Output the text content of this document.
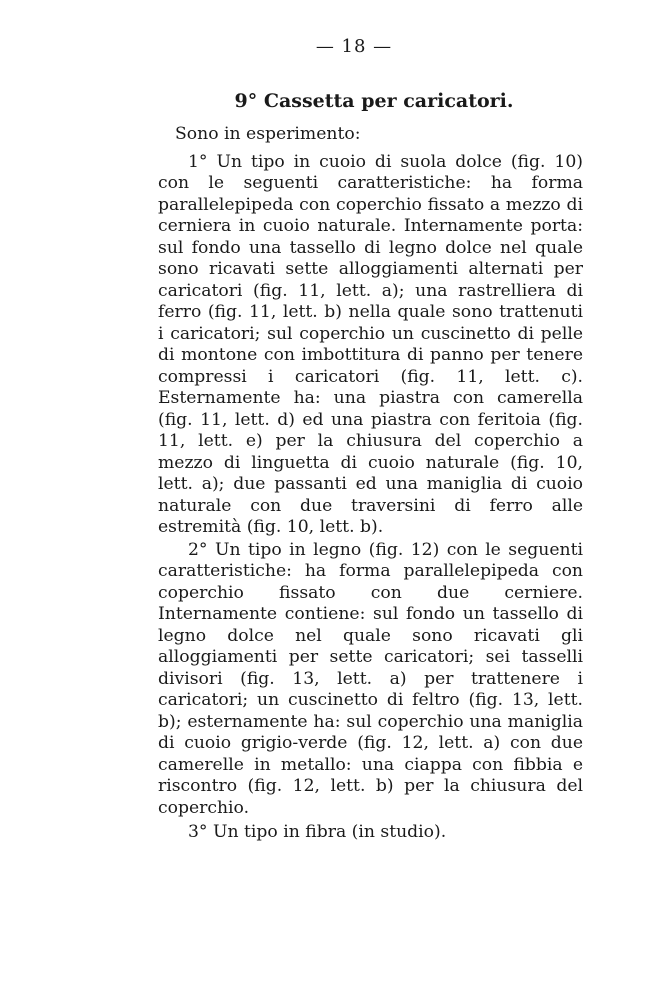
— 18 —
9° Cassetta per caricatori.

Sono in esperimento:

1° Un tipo in cuoio di suola dolce (fig. 10) con le seguenti caratteristiche: ha forma parallelepipeda con coperchio fissato a mezzo di cerniera in cuoio naturale. Internamente porta: sul fondo una tassello di legno dolce nel quale sono ricavati sette alloggiamenti alternati per caricatori (fig. 11, lett. a); una rastrelliera di ferro (fig. 11, lett. b) nella quale sono trattenuti i caricatori; sul coperchio un cuscinetto di pelle di montone con imbottitura di panno per tenere compressi i caricatori (fig. 11, lett. c). Esternamente ha: una piastra con camerella (fig. 11, lett. d) ed una piastra con feritoia (fig. 11, lett. e) per la chiusura del coperchio a mezzo di linguetta di cuoio naturale (fig. 10, lett. a); due passanti ed una maniglia di cuoio naturale con due traversini di ferro alle estremità (fig. 10, lett. b).

2° Un tipo in legno (fig. 12) con le seguenti caratteristiche: ha forma parallelepipeda con coperchio fissato con due cerniere. Internamente contiene: sul fondo un tassello di legno dolce nel quale sono ricavati gli alloggiamenti per sette caricatori; sei tasselli divisori (fig. 13, lett. a) per trattenere i caricatori; un cuscinetto di feltro (fig. 13, lett. b); esternamente ha: sul coperchio una maniglia di cuoio grigio-verde (fig. 12, lett. a) con due camerelle in metallo: una ciappa con fibbia e riscontro (fig. 12, lett. b) per la chiusura del coperchio.

3° Un tipo in fibra (in studio).
